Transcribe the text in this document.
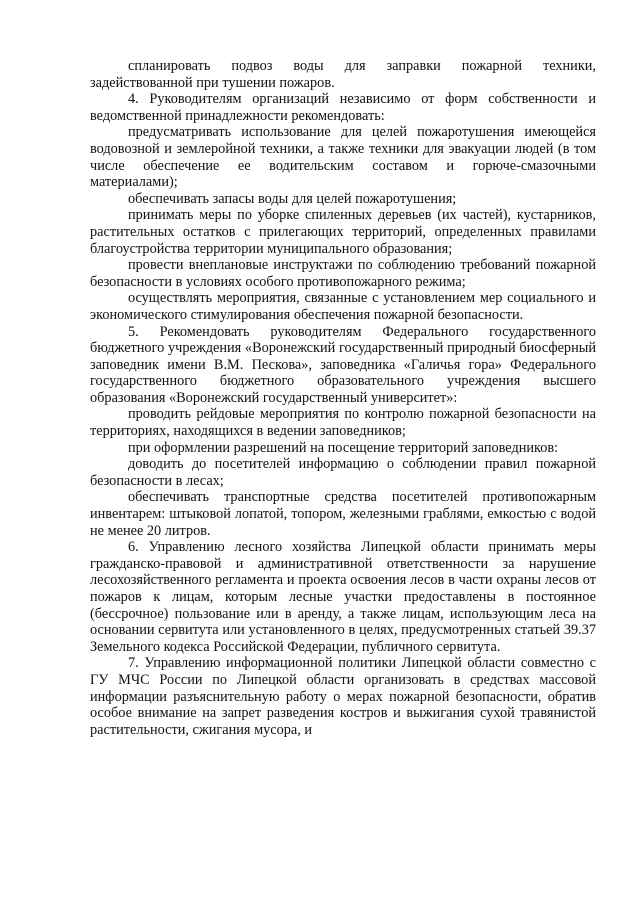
спланировать подвоз воды для заправки пожарной техники, задействованной при тушении пожаров.

4. Руководителям организаций независимо от форм собственности и ведомственной принадлежности рекомендовать:

предусматривать использование для целей пожаротушения имеющейся водовозной и землеройной техники, а также техники для эвакуации людей (в том числе обеспечение ее водительским составом и горюче-смазочными материалами);

обеспечивать запасы воды для целей пожаротушения;

принимать меры по уборке спиленных деревьев (их частей), кустарников, растительных остатков с прилегающих территорий, определенных правилами благоустройства территории муниципального образования;

провести внеплановые инструктажи по соблюдению требований пожарной безопасности в условиях особого противопожарного режима;

осуществлять мероприятия, связанные с установлением мер социального и экономического стимулирования обеспечения пожарной безопасности.

5. Рекомендовать руководителям Федерального государственного бюджетного учреждения «Воронежский государственный природный биосферный заповедник имени В.М. Пескова», заповедника «Галичья гора» Федерального государственного бюджетного образовательного учреждения высшего образования «Воронежский государственный университет»:

проводить рейдовые мероприятия по контролю пожарной безопасности на территориях, находящихся в ведении заповедников;

при оформлении разрешений на посещение территорий заповедников:

доводить до посетителей информацию о соблюдении правил пожарной безопасности в лесах;

обеспечивать транспортные средства посетителей противопожарным инвентарем: штыковой лопатой, топором, железными граблями, емкостью с водой не менее 20 литров.

6. Управлению лесного хозяйства Липецкой области принимать меры гражданско-правовой и административной ответственности за нарушение лесохозяйственного регламента и проекта освоения лесов в части охраны лесов от пожаров к лицам, которым лесные участки предоставлены в постоянное (бессрочное) пользование или в аренду, а также лицам, использующим леса на основании сервитута или установленного в целях, предусмотренных статьей 39.37 Земельного кодекса Российской Федерации, публичного сервитута.

7. Управлению информационной политики Липецкой области совместно с ГУ МЧС России по Липецкой области организовать в средствах массовой информации разъяснительную работу о мерах пожарной безопасности, обратив особое внимание на запрет разведения костров и выжигания сухой травянистой растительности, сжигания мусора, и
